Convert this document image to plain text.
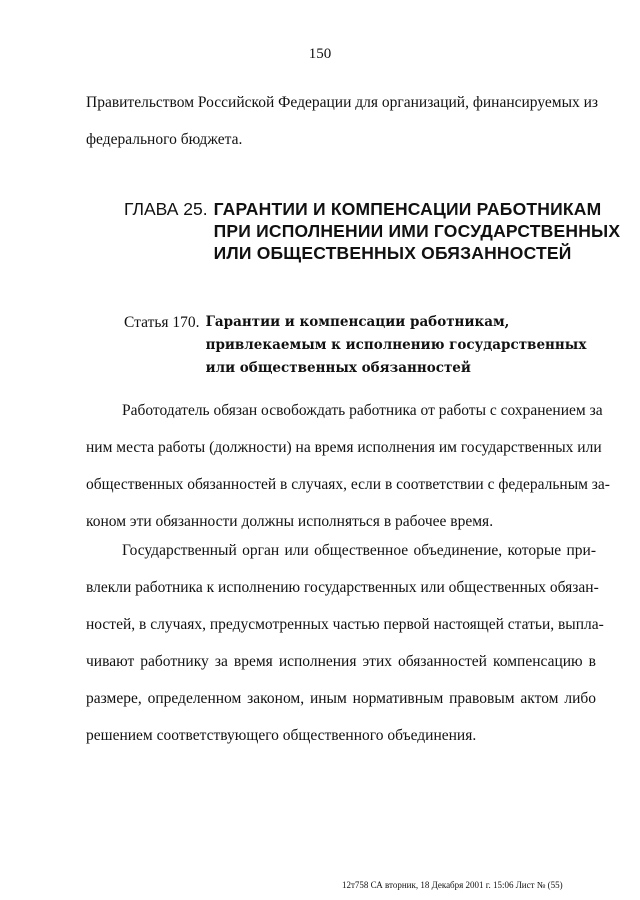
150
Правительством Российской Федерации для организаций, финансируемых из
федерального бюджета.
ГЛАВА 25. ГАРАНТИИ И КОМПЕНСАЦИИ РАБОТНИКАМ
ПРИ ИСПОЛНЕНИИ ИМИ ГОСУДАРСТВЕННЫХ
ИЛИ ОБЩЕСТВЕННЫХ ОБЯЗАННОСТЕЙ
Статья 170. Гарантии и компенсации работникам,
привлекаемым к исполнению государственных
или общественных обязанностей
Работодатель обязан освобождать работника от работы с сохранением за
ним места работы (должности) на время исполнения им государственных или
общественных обязанностей в случаях, если в соответствии с федеральным за-
коном эти обязанности должны исполняться в рабочее время.
Государственный орган или общественное объединение, которые при-
влекли работника к исполнению государственных или общественных обязан-
ностей, в случаях, предусмотренных частью первой настоящей статьи, выпла-
чивают работнику за время исполнения этих обязанностей компенсацию в
размере, определенном законом, иным нормативным правовым актом либо
решением соответствующего общественного объединения.
12т758 СА вторник, 18 Декабря 2001 г. 15:06 Лист № (55)
